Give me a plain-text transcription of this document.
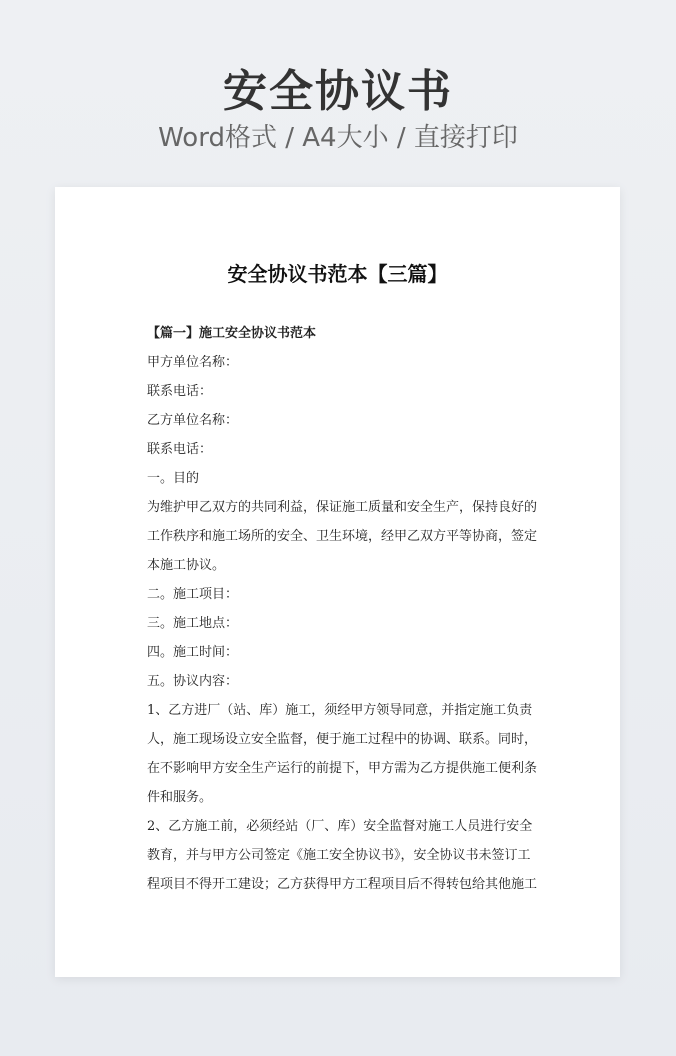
安全协议书
Word格式 / A4大小 / 直接打印
安全协议书范本【三篇】
【篇一】施工安全协议书范本
甲方单位名称：
联系电话：
乙方单位名称：
联系电话：
一。目的
为维护甲乙双方的共同利益，保证施工质量和安全生产，保持良好的
工作秩序和施工场所的安全、卫生环境，经甲乙双方平等协商，签定
本施工协议。
二。施工项目：
三。施工地点：
四。施工时间：
五。协议内容：
1、乙方进厂（站、库）施工，须经甲方领导同意，并指定施工负责
人，施工现场设立安全监督，便于施工过程中的协调、联系。同时，
在不影响甲方安全生产运行的前提下，甲方需为乙方提供施工便利条
件和服务。
2、乙方施工前，必须经站（厂、库）安全监督对施工人员进行安全
教育，并与甲方公司签定《施工安全协议书》，安全协议书未签订工
程项目不得开工建设；乙方获得甲方工程项目后不得转包给其他施工
